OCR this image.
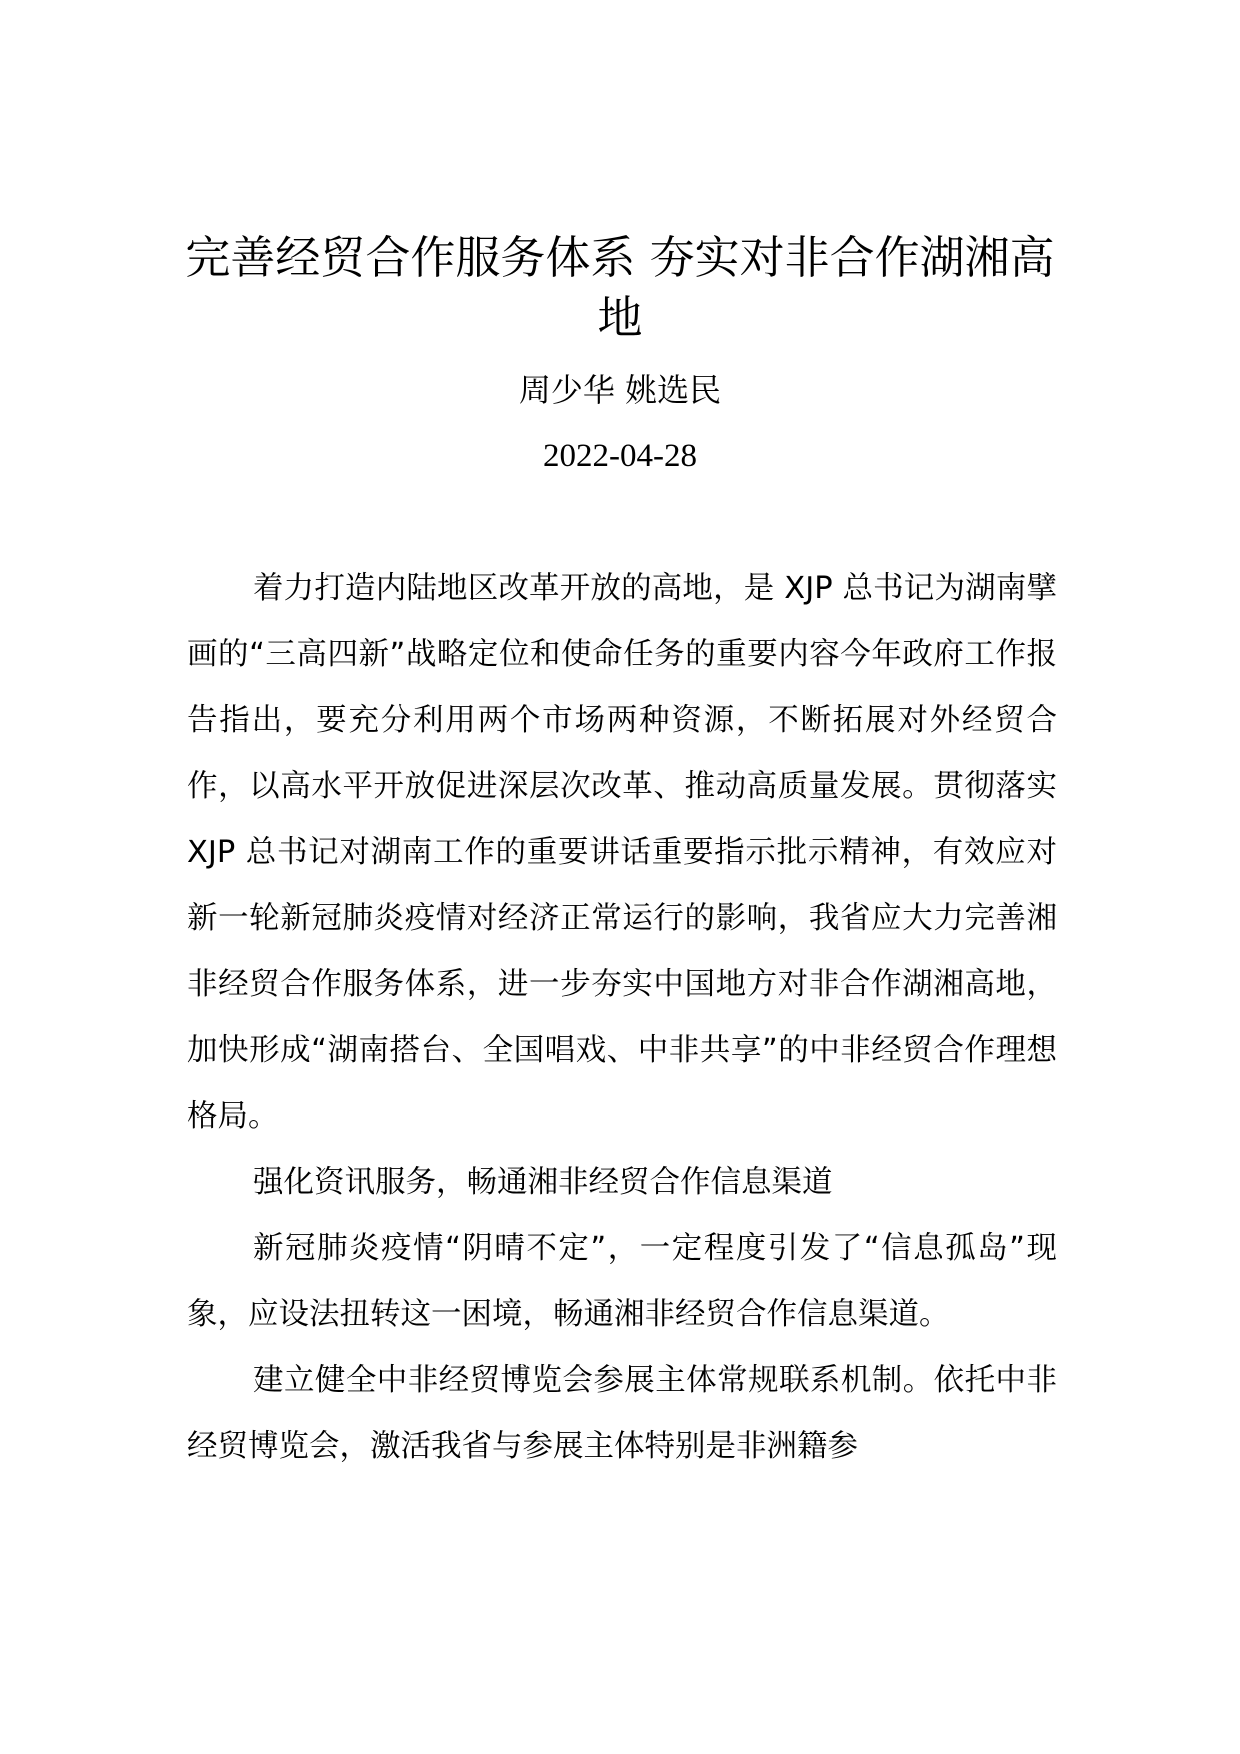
完善经贸合作服务体系 夯实对非合作湖湘高地
周少华 姚选民
2022-04-28

着力打造内陆地区改革开放的高地，是 XJP 总书记为湖南擘画的“三高四新”战略定位和使命任务的重要内容今年政府工作报告指出，要充分利用两个市场两种资源，不断拓展对外经贸合作，以高水平开放促进深层次改革、推动高质量发展。贯彻落实 XJP 总书记对湖南工作的重要讲话重要指示批示精神，有效应对新一轮新冠肺炎疫情对经济正常运行的影响，我省应大力完善湘非经贸合作服务体系，进一步夯实中国地方对非合作湖湘高地，加快形成“湖南搭台、全国唱戏、中非共享”的中非经贸合作理想格局。

强化资讯服务，畅通湘非经贸合作信息渠道

新冠肺炎疫情“阴晴不定”，一定程度引发了“信息孤岛”现象，应设法扭转这一困境，畅通湘非经贸合作信息渠道。

建立健全中非经贸博览会参展主体常规联系机制。依托中非经贸博览会，激活我省与参展主体特别是非洲籍参
